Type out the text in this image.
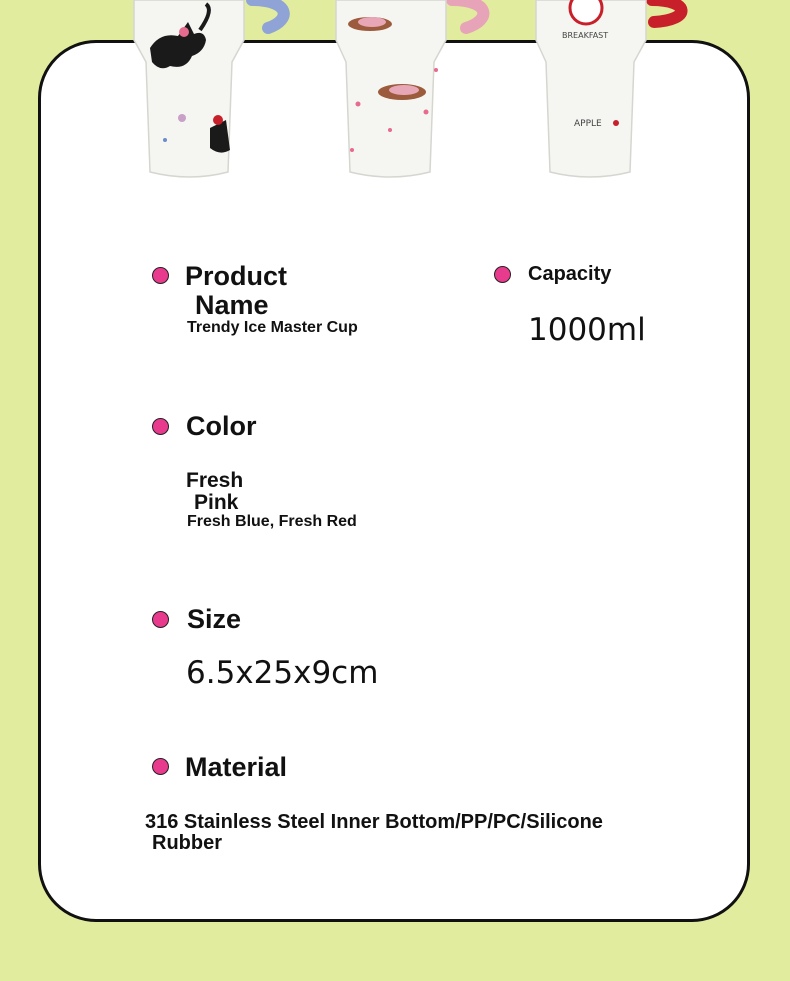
BREAKFAST
APPLE
Product
Name
Trendy Ice Master Cup
Capacity
1000ml
Color
Fresh
Pink
Fresh Blue, Fresh Red
Size
6.5x25x9cm
Material
316 Stainless Steel Inner Bottom/PP/PC/Silicone
Rubber
